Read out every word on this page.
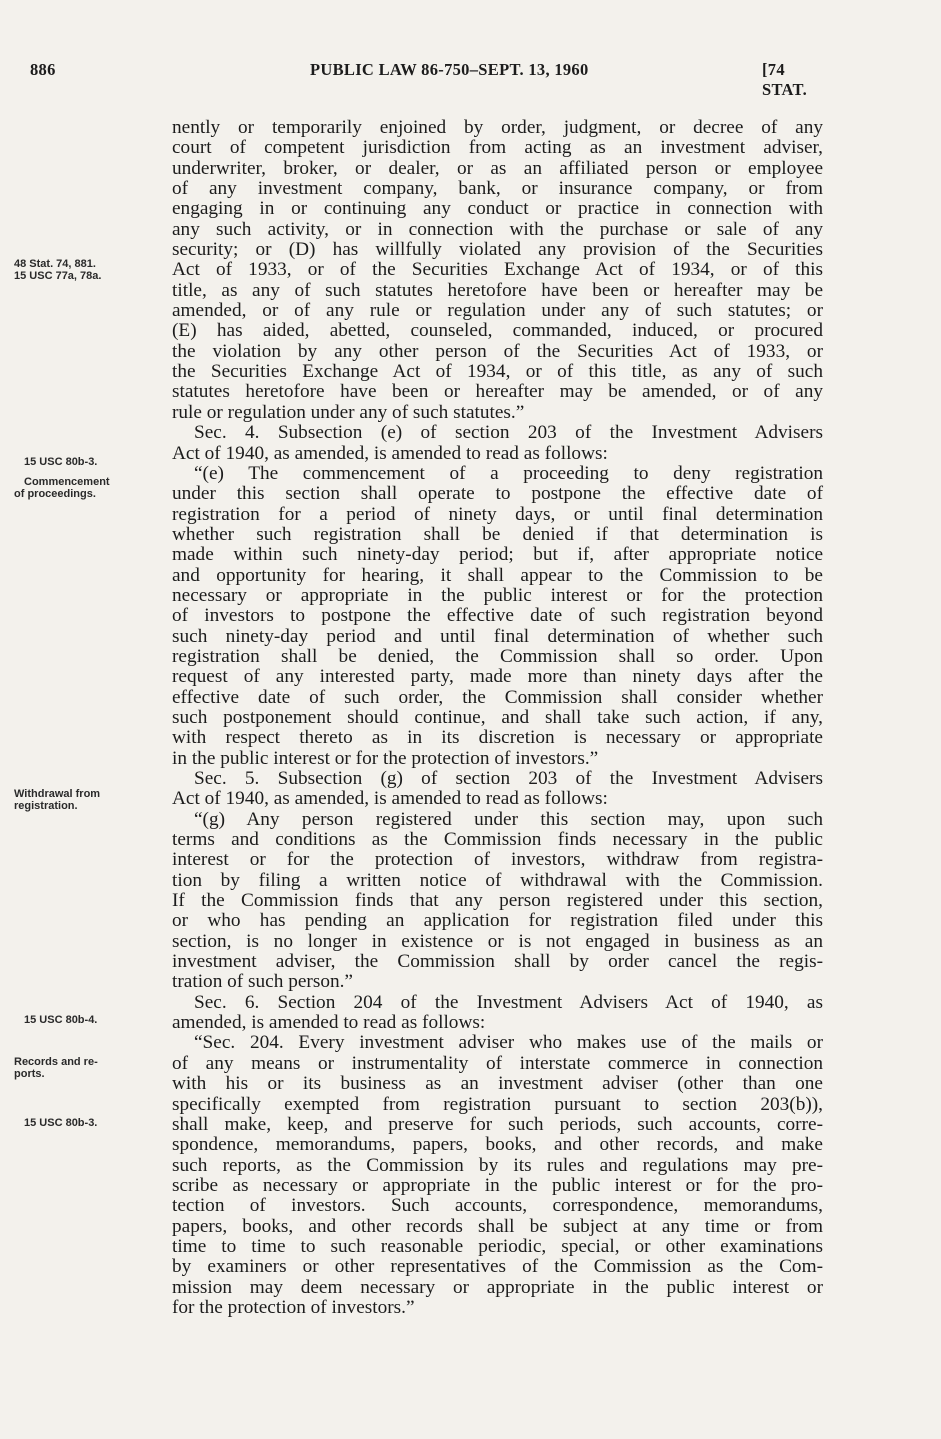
886	PUBLIC LAW 86-750–SEPT. 13, 1960	[74 STAT.
48 Stat. 74, 881.
15 USC 77a, 78a.
15 USC 80b-3.
Commencement
of proceedings.
Withdrawal from
registration.
15 USC 80b-4.
Records and re-
ports.
15 USC 80b-3.
nently or temporarily enjoined by order, judgment, or decree of any
court of competent jurisdiction from acting as an investment adviser,
underwriter, broker, or dealer, or as an affiliated person or employee
of any investment company, bank, or insurance company, or from
engaging in or continuing any conduct or practice in connection with
any such activity, or in connection with the purchase or sale of any
security; or (D) has willfully violated any provision of the Securities
Act of 1933, or of the Securities Exchange Act of 1934, or of this
title, as any of such statutes heretofore have been or hereafter may be
amended, or of any rule or regulation under any of such statutes; or
(E) has aided, abetted, counseled, commanded, induced, or procured
the violation by any other person of the Securities Act of 1933, or
the Securities Exchange Act of 1934, or of this title, as any of such
statutes heretofore have been or hereafter may be amended, or of any
rule or regulation under any of such statutes.”
Sec. 4. Subsection (e) of section 203 of the Investment Advisers
Act of 1940, as amended, is amended to read as follows:
“(e) The commencement of a proceeding to deny registration
under this section shall operate to postpone the effective date of
registration for a period of ninety days, or until final determination
whether such registration shall be denied if that determination is
made within such ninety-day period; but if, after appropriate notice
and opportunity for hearing, it shall appear to the Commission to be
necessary or appropriate in the public interest or for the protection
of investors to postpone the effective date of such registration beyond
such ninety-day period and until final determination of whether such
registration shall be denied, the Commission shall so order. Upon
request of any interested party, made more than ninety days after the
effective date of such order, the Commission shall consider whether
such postponement should continue, and shall take such action, if any,
with respect thereto as in its discretion is necessary or appropriate
in the public interest or for the protection of investors.”
Sec. 5. Subsection (g) of section 203 of the Investment Advisers
Act of 1940, as amended, is amended to read as follows:
“(g) Any person registered under this section may, upon such
terms and conditions as the Commission finds necessary in the public
interest or for the protection of investors, withdraw from registra-
tion by filing a written notice of withdrawal with the Commission.
If the Commission finds that any person registered under this section,
or who has pending an application for registration filed under this
section, is no longer in existence or is not engaged in business as an
investment adviser, the Commission shall by order cancel the regis-
tration of such person.”
Sec. 6. Section 204 of the Investment Advisers Act of 1940, as
amended, is amended to read as follows:
“Sec. 204. Every investment adviser who makes use of the mails or
of any means or instrumentality of interstate commerce in connection
with his or its business as an investment adviser (other than one
specifically exempted from registration pursuant to section 203(b)),
shall make, keep, and preserve for such periods, such accounts, corre-
spondence, memorandums, papers, books, and other records, and make
such reports, as the Commission by its rules and regulations may pre-
scribe as necessary or appropriate in the public interest or for the pro-
tection of investors. Such accounts, correspondence, memorandums,
papers, books, and other records shall be subject at any time or from
time to time to such reasonable periodic, special, or other examinations
by examiners or other representatives of the Commission as the Com-
mission may deem necessary or appropriate in the public interest or
for the protection of investors.”
